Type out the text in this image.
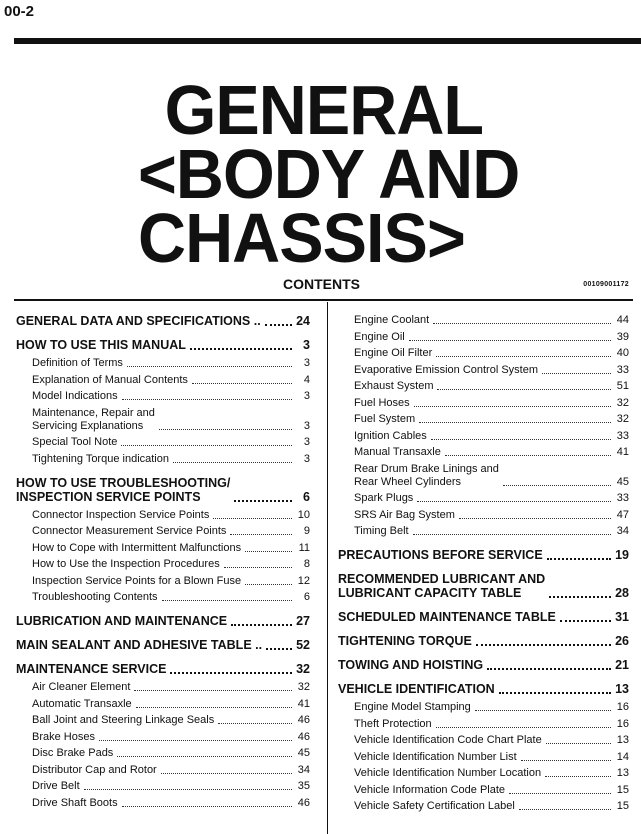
00-2
GENERAL
<BODY AND
CHASSIS>
CONTENTS	00109001172
GENERAL DATA AND SPECIFICATIONS ..	24
HOW TO USE THIS MANUAL	3
Definition of Terms	3
Explanation of Manual Contents	4
Model Indications	3
Maintenance, Repair and
Servicing Explanations	3
Special Tool Note	3
Tightening Torque indication	3
HOW TO USE TROUBLESHOOTING/
INSPECTION SERVICE POINTS	6
Connector Inspection Service Points	10
Connector Measurement Service Points	9
How to Cope with Intermittent Malfunctions	11
How to Use the Inspection Procedures	8
Inspection Service Points for a Blown Fuse	12
Troubleshooting Contents	6
LUBRICATION AND MAINTENANCE	27
MAIN SEALANT AND ADHESIVE TABLE ..	52
MAINTENANCE SERVICE	32
Air Cleaner Element	32
Automatic Transaxle	41
Ball Joint and Steering Linkage Seals	46
Brake Hoses	46
Disc Brake Pads	45
Distributor Cap and Rotor	34
Drive Belt	35
Drive Shaft Boots	46
Engine Coolant	44
Engine Oil	39
Engine Oil Filter	40
Evaporative Emission Control System	33
Exhaust System	51
Fuel Hoses	32
Fuel System	32
Ignition Cables	33
Manual Transaxle	41
Rear Drum Brake Linings and
Rear Wheel Cylinders	45
Spark Plugs	33
SRS Air Bag System	47
Timing Belt	34
PRECAUTIONS BEFORE SERVICE	19
RECOMMENDED LUBRICANT AND
LUBRICANT CAPACITY TABLE	28
SCHEDULED MAINTENANCE TABLE	31
TIGHTENING TORQUE	26
TOWING AND HOISTING	21
VEHICLE IDENTIFICATION	13
Engine Model Stamping	16
Theft Protection	16
Vehicle Identification Code Chart Plate	13
Vehicle Identification Number List	14
Vehicle Identification Number Location	13
Vehicle Information Code Plate	15
Vehicle Safety Certification Label	15
